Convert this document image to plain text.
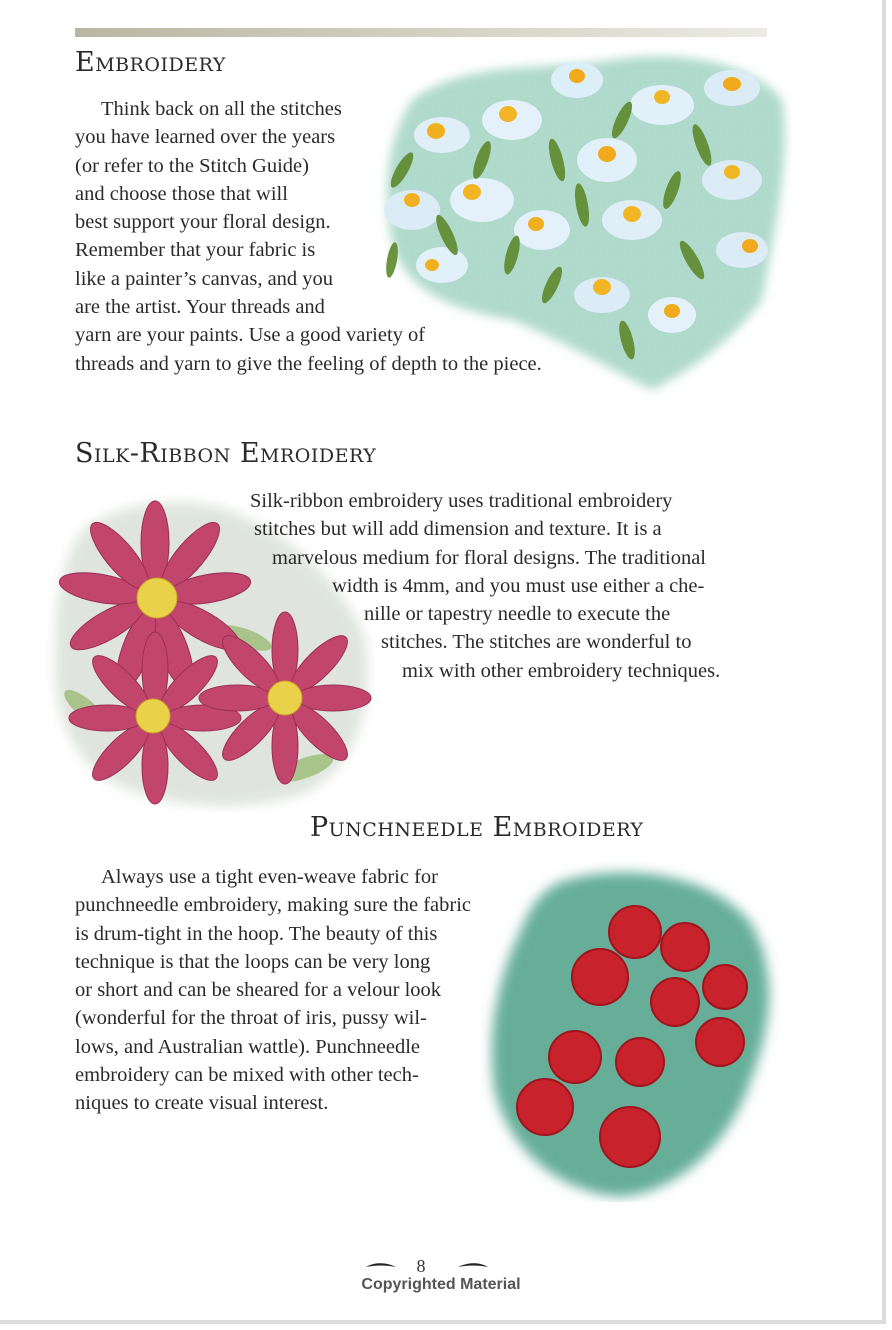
Embroidery

Think back on all the stitches
you have learned over the years
(or refer to the Stitch Guide)
and choose those that will
best support your floral design.
Remember that your fabric is
like a painter’s canvas, and you
are the artist. Your threads and
yarn are your paints. Use a good variety of
threads and yarn to give the feeling of depth to the piece.

Silk-Ribbon Emroidery

Silk-ribbon embroidery uses traditional embroidery
stitches but will add dimension and texture. It is a
marvelous medium for floral designs. The traditional
width is 4mm, and you must use either a che-
nille or tapestry needle to execute the
stitches. The stitches are wonderful to
mix with other embroidery techniques.

Punchneedle Embroidery

Always use a tight even-weave fabric for
punchneedle embroidery, making sure the fabric
is drum-tight in the hoop. The beauty of this
technique is that the loops can be very long
or short and can be sheared for a velour look
(wonderful for the throat of iris, pussy wil-
lows, and Australian wattle). Punchneedle
embroidery can be mixed with other tech-
niques to create visual interest.

8
Copyrighted Material
